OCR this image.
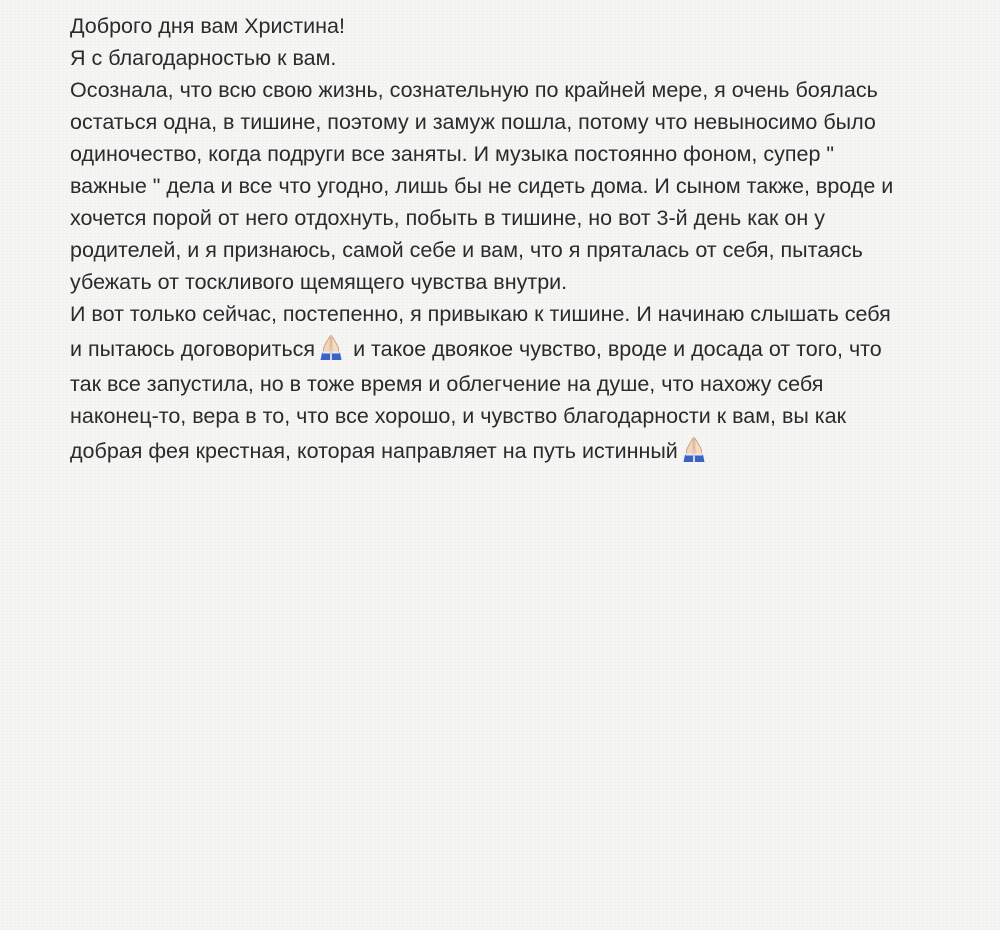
Доброго дня вам Христина!
Я с благодарностью к вам.
Осознала, что всю свою жизнь, сознательную по крайней мере, я очень боялась
остаться одна, в тишине, поэтому и замуж пошла, потому что невыносимо было
одиночество, когда подруги все заняты. И музыка постоянно фоном, супер "
важные " дела и все что угодно, лишь бы не сидеть дома. И сыном также, вроде и
хочется порой от него отдохнуть, побыть в тишине, но вот 3-й день как он у
родителей, и я признаюсь, самой себе и вам, что я пряталась от себя, пытаясь
убежать от тоскливого щемящего чувства внутри.
И вот только сейчас, постепенно, я привыкаю к тишине. И начинаю слышать себя
и пытаюсь договориться и такое двоякое чувство, вроде и досада от того, что
так все запустила, но в тоже время и облегчение на душе, что нахожу себя
наконец-то, вера в то, что все хорошо, и чувство благодарности к вам, вы как
добрая фея крестная, которая направляет на путь истинный
